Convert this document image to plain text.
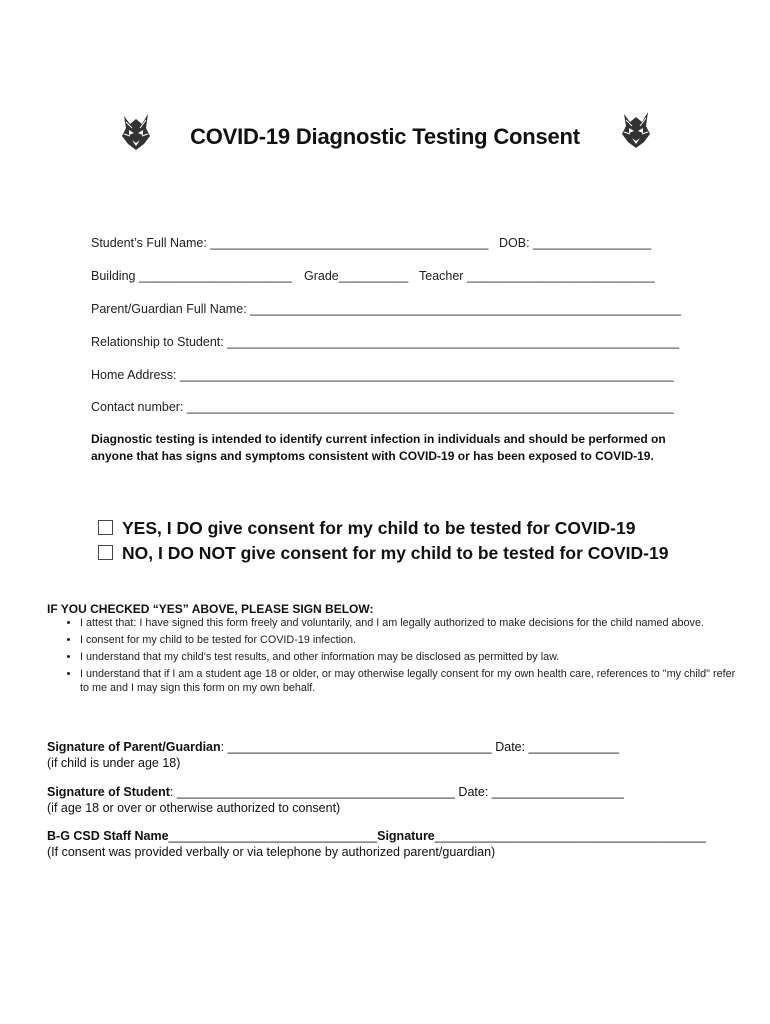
COVID-19 Diagnostic Testing Consent
Student’s Full Name: ________________________________________ DOB: _________________
Building ______________________ Grade__________ Teacher ___________________________
Parent/Guardian Full Name: ______________________________________________________________
Relationship to Student: _________________________________________________________________
Home Address: _______________________________________________________________________
Contact number: ______________________________________________________________________
Diagnostic testing is intended to identify current infection in individuals and should be performed on anyone that has signs and symptoms consistent with COVID-19 or has been exposed to COVID-19.
YES, I DO give consent for my child to be tested for COVID-19
NO, I DO NOT give consent for my child to be tested for COVID-19
IF YOU CHECKED “YES” ABOVE, PLEASE SIGN BELOW:
• I attest that: I have signed this form freely and voluntarily, and I am legally authorized to make decisions for the child named above.
• I consent for my child to be tested for COVID-19 infection.
• I understand that my child’s test results, and other information may be disclosed as permitted by law.
• I understand that if I am a student age 18 or older, or may otherwise legally consent for my own health care, references to "my child" refer to me and I may sign this form on my own behalf.
Signature of Parent/Guardian: ______________________________________ Date: _____________
(if child is under age 18)
Signature of Student: ________________________________________ Date: ___________________
(if age 18 or over or otherwise authorized to consent)
B-G CSD Staff Name______________________________Signature_______________________________________
(If consent was provided verbally or via telephone by authorized parent/guardian)
